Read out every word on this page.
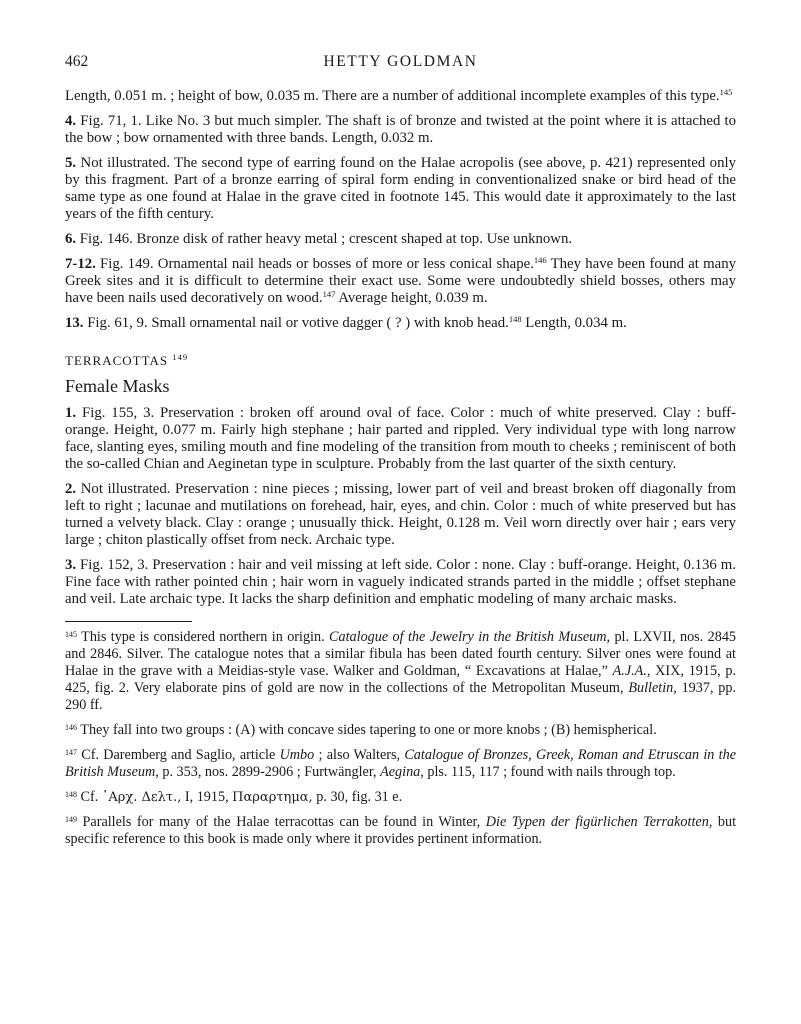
462	HETTY GOLDMAN

Length, 0.051 m. ; height of bow, 0.035 m. There are a number of additional incomplete examples of this type.$^{145}$

4. Fig. 71, 1. Like No. 3 but much simpler. The shaft is of bronze and twisted at the point where it is attached to the bow ; bow ornamented with three bands. Length, 0.032 m.

5. Not illustrated. The second type of earring found on the Halae acropolis (see above, p. 421) represented only by this fragment. Part of a bronze earring of spiral form ending in conventionalized snake or bird head of the same type as one found at Halae in the grave cited in footnote 145. This would date it approximately to the last years of the fifth century.

6. Fig. 146. Bronze disk of rather heavy metal ; crescent shaped at top. Use unknown.

7-12. Fig. 149. Ornamental nail heads or bosses of more or less conical shape.$^{146}$ They have been found at many Greek sites and it is difficult to determine their exact use. Some were undoubtedly shield bosses, others may have been nails used decoratively on wood.$^{147}$ Average height, 0.039 m.

13. Fig. 61, 9. Small ornamental nail or votive dagger ( ? ) with knob head.$^{148}$ Length, 0.034 m.

TERRACOTTAS $^{149}$
Female Masks

1. Fig. 155, 3. Preservation : broken off around oval of face. Color : much of white preserved. Clay : buff-orange. Height, 0.077 m. Fairly high stephane ; hair parted and rippled. Very individual type with long narrow face, slanting eyes, smiling mouth and fine modeling of the transition from mouth to cheeks ; reminiscent of both the so-called Chian and Aeginetan type in sculpture. Probably from the last quarter of the sixth century.

2. Not illustrated. Preservation : nine pieces ; missing, lower part of veil and breast broken off diagonally from left to right ; lacunae and mutilations on forehead, hair, eyes, and chin. Color : much of white preserved but has turned a velvety black. Clay : orange ; unusually thick. Height, 0.128 m. Veil worn directly over hair ; ears very large ; chiton plastically offset from neck. Archaic type.

3. Fig. 152, 3. Preservation : hair and veil missing at left side. Color : none. Clay : buff-orange. Height, 0.136 m. Fine face with rather pointed chin ; hair worn in vaguely indicated strands parted in the middle ; offset stephane and veil. Late archaic type. It lacks the sharp definition and emphatic modeling of many archaic masks.

$^{145}$ This type is considered northern in origin. Catalogue of the Jewelry in the British Museum, pl. LXVII, nos. 2845 and 2846. Silver. The catalogue notes that a similar fibula has been dated fourth century. Silver ones were found at Halae in the grave with a Meidias-style vase. Walker and Goldman, “ Excavations at Halae,” A.J.A., XIX, 1915, p. 425, fig. 2. Very elaborate pins of gold are now in the collections of the Metropolitan Museum, Bulletin, 1937, pp. 290 ff.

$^{146}$ They fall into two groups : (A) with concave sides tapering to one or more knobs ; (B) hemispherical.

$^{147}$ Cf. Daremberg and Saglio, article Umbo ; also Walters, Catalogue of Bronzes, Greek, Roman and Etruscan in the British Museum, p. 353, nos. 2899-2906 ; Furtwängler, Aegina, pls. 115, 117 ; found with nails through top.

$^{148}$ Cf. ᾽Αρχ. Δελτ., I, 1915, Παραρτημα, p. 30, fig. 31 e.

$^{149}$ Parallels for many of the Halae terracottas can be found in Winter, Die Typen der figürlichen Terrakotten, but specific reference to this book is made only where it provides pertinent information.
